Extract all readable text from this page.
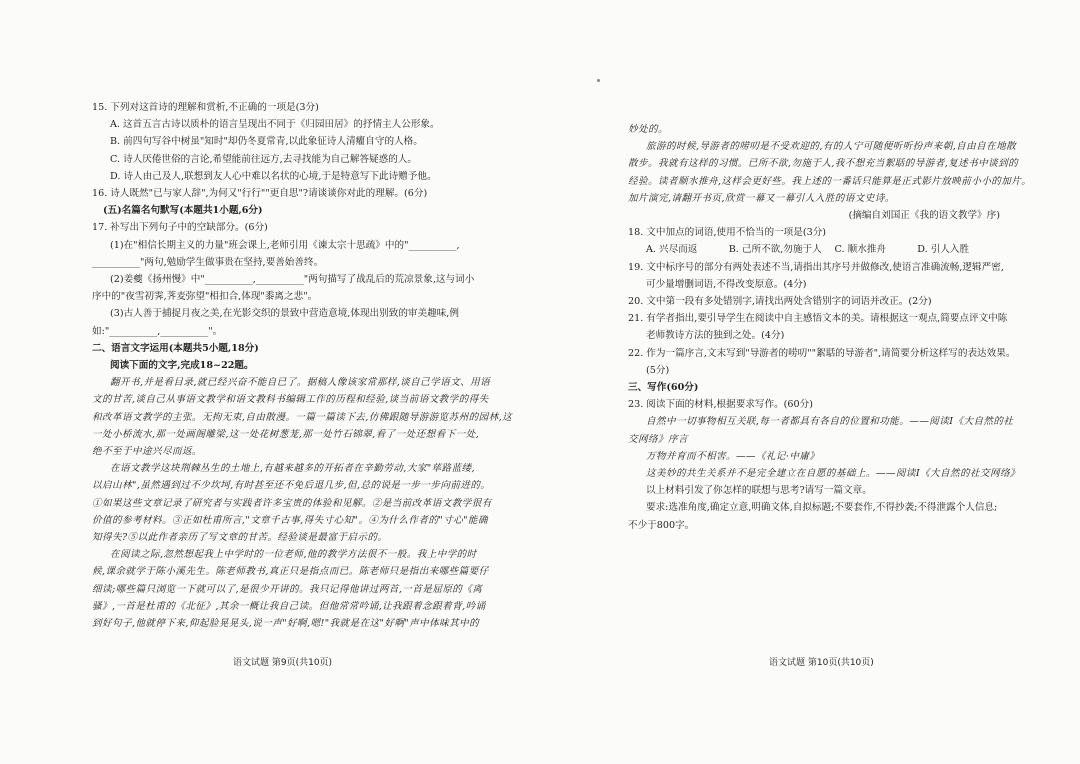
15. 下列对这首诗的理解和赏析,不正确的一项是(3分)
A. 这首五言古诗以质朴的语言呈现出不同于《归园田居》的抒情主人公形象。
B. 前四句写谷中树虽"知时"却仍冬夏常青,以此象征诗人清癯自守的人格。
C. 诗人厌倦世俗的言论,希望能前往远方,去寻找能为自己解答疑惑的人。
D. 诗人由己及人,联想到友人心中难以名状的心境,于是特意写下此诗赠予他。
16. 诗人既然"已与家人辞",为何又"行行""更自思"?请谈谈你对此的理解。(6分)
(五)名篇名句默写(本题共1小题,6分)
17. 补写出下列句子中的空缺部分。(6分)
(1)在"相信长期主义的力量"班会课上,老师引用《谏太宗十思疏》中的"__________,
__________"两句,勉励学生做事贵在坚持,要善始善终。
(2)姜夔《扬州慢》中"__________,__________"两句描写了战乱后的荒凉景象,这与词小
序中的"夜雪初霁,荠麦弥望"相扣合,体现"黍离之悲"。
(3)古人善于捕捉月夜之美,在光影交织的景致中营造意境,体现出别致的审美趣味,例
如:"__________,__________"。
二、语言文字运用(本题共5小题,18分)
阅读下面的文字,完成18~22题。
翻开书,并是看目录,就已经兴奋不能自已了。据稿人像该家常那样,谈自己学语文、用语
文的甘苦,谈自己从事语文教学和语文教科书编辑工作的历程和经验,谈当前语文教学的得失
和改革语文教学的主张。无拘无束,自由散漫。一篇一篇读下去,仿佛跟随导游游览苏州的园林,这
一处小桥流水,那一处画阁雕梁,这一处花树葱茏,那一处竹石锦翠,看了一处还想看下一处,
绝不至于中途兴尽而返。
在语文教学这块荆棘丛生的土地上,有越来越多的开拓者在辛勤劳动,大家"荜路蓝缕,
以启山林",虽然遇到过不少坎坷,有时甚至还不免后退几步,但,总的说是一步一步向前进的。
①如果这些文章记录了研究者与实践者许多宝贵的体验和见解。②是当前改革语文教学很有
价值的参考材料。③正如杜甫所言,"文章千古事,得失寸心知"。④为什么作者的"寸心"能确
知得失?⑤以此作者亲历了写文章的甘苦。经验谈是最富于启示的。
在阅读之际,忽然想起我上中学时的一位老师,他的教学方法很不一般。我上中学的时
候,课余就学于陈小溪先生。陈老师教书,真正只是指点而已。陈老师只是指出来哪些篇要仔
细读;哪些篇只浏览一下就可以了,是很少开讲的。我只记得他讲过两首,一首是屈原的《离
骚》,一首是杜甫的《北征》,其余一概让我自己读。但他常常吟诵,让我跟着念跟着背,吟诵
到好句子,他就停下来,仰起脸晃晃头,说一声"好啊,嗯!"我就是在这"好啊"声中体味其中的
妙处的。
旅游的时候,导游者的唠叨是不受欢迎的,有的人宁可随便听听扮声来朝,自由自在地散
散步。我就有这样的习惯。已所不欲,勿施于人,我不想充当絮聒的导游者,复述书中谈到的
经验。读者顺水推舟,这样会更好些。我上述的一番话只能算是正式影片放映前小小的加片。
加片演完,请翻开书页,欣赏一幕又一幕引人入胜的语文史诗。
(摘编自刘国正《我的语文教学》序)
18. 文中加点的词语,使用不恰当的一项是(3分)
A. 兴尽而返	B. 己所不欲,勿施于人	C. 顺水推舟	D. 引人入胜
19. 文中标序号的部分有两处表述不当,请指出其序号并做修改,使语言准确流畅,逻辑严密,
可少量增删词语,不得改变原意。(4分)
20. 文中第一段有多处错别字,请找出两处含错别字的词语并改正。(2分)
21. 有学者指出,要引导学生在阅读中自主感悟文本的美。请根据这一观点,简要点评文中陈
老师教诗方法的独到之处。(4分)
22. 作为一篇序言,文末写到"导游者的唠叨""絮聒的导游者",请简要分析这样写的表达效果。
(5分)
三、写作(60分)
23. 阅读下面的材料,根据要求写作。(60分)
自然中一切事物相互关联,每一者都具有各自的位置和功能。——阅读Ⅰ《大自然的社
交网络》序言
万物并育而不相害。——《礼记·中庸》
这美妙的共生关系并不是完全建立在自愿的基础上。——阅读Ⅰ《大自然的社交网络》
以上材料引发了你怎样的联想与思考?请写一篇文章。
要求:选准角度,确定立意,明确文体,自拟标题;不要套作,不得抄袭;不得泄露个人信息;
不少于800字。
语文试题 第9页(共10页)	语文试题 第10页(共10页)
